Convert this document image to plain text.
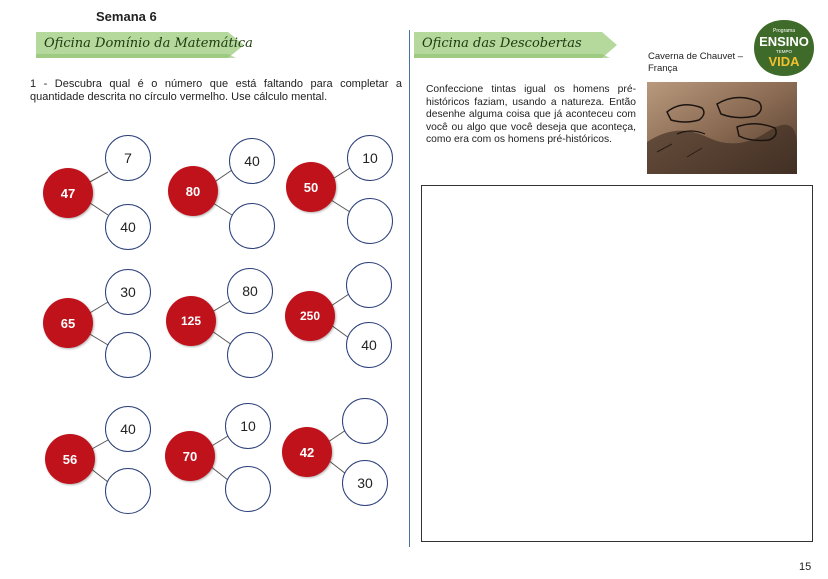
Semana 6
Oficina Domínio da Matemática	Oficina das Descobertas
1 - Descubra qual é o número que está faltando para completar a quantidade descrita no círculo vermelho. Use cálculo mental.
Programa
ENSINO
TEMPO
VIDA
Caverna de Chauvet – França
Confeccione tintas igual os homens pré-históricos faziam, usando a natureza. Então desenhe alguma coisa que já aconteceu com você ou algo que você deseja que aconteça, como era com os homens pré-históricos.
47
7
40
80
40
50
10
65
30
125
80
250
40
56
40
70
10
42
30
15
